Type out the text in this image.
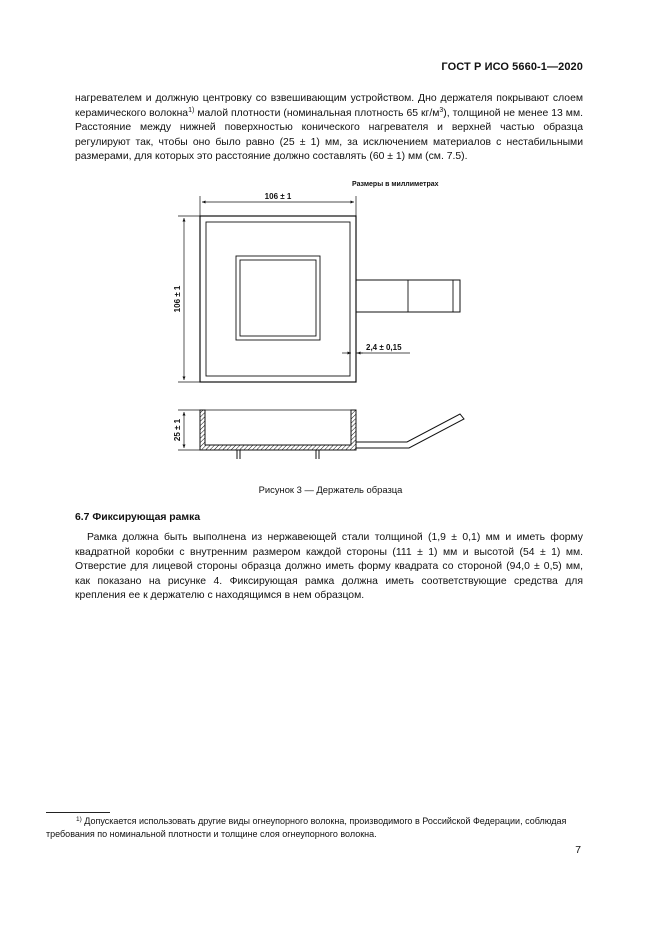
ГОСТ Р ИСО 5660-1—2020

нагревателем и должную центровку со взвешивающим устройством. Дно держателя покрывают слоем керамического волокна$^{1)}$ малой плотности (номинальная плотность 65 $кг/м^3$), толщиной не менее 13 мм. Расстояние между нижней поверхностью конического нагревателя и верхней частью образца регулируют так, чтобы оно было равно (25 ± 1) мм, за исключением материалов с нестабильными размерами, для которых это расстояние должно составлять (60 ± 1) мм (см. 7.5).

Размеры в миллиметрах
106 ± 1
106 ± 1
2,4 ± 0,15
25 ± 1
Рисунок 3 — Держатель образца
6.7 Фиксирующая рамка

Рамка должна быть выполнена из нержавеющей стали толщиной (1,9 ± 0,1) мм и иметь форму квадратной коробки с внутренним размером каждой стороны (111 ± 1) мм и высотой (54 ± 1) мм. Отверстие для лицевой стороны образца должно иметь форму квадрата со стороной (94,0 ± 0,5) мм, как показано на рисунке 4. Фиксирующая рамка должна иметь соответствующие средства для крепления ее к держателю с находящимся в нем образцом.

$^{1)}$ Допускается использовать другие виды огнеупорного волокна, производимого в Российской Федерации, соблюдая требования по номинальной плотности и толщине слоя огнеупорного волокна.

7
